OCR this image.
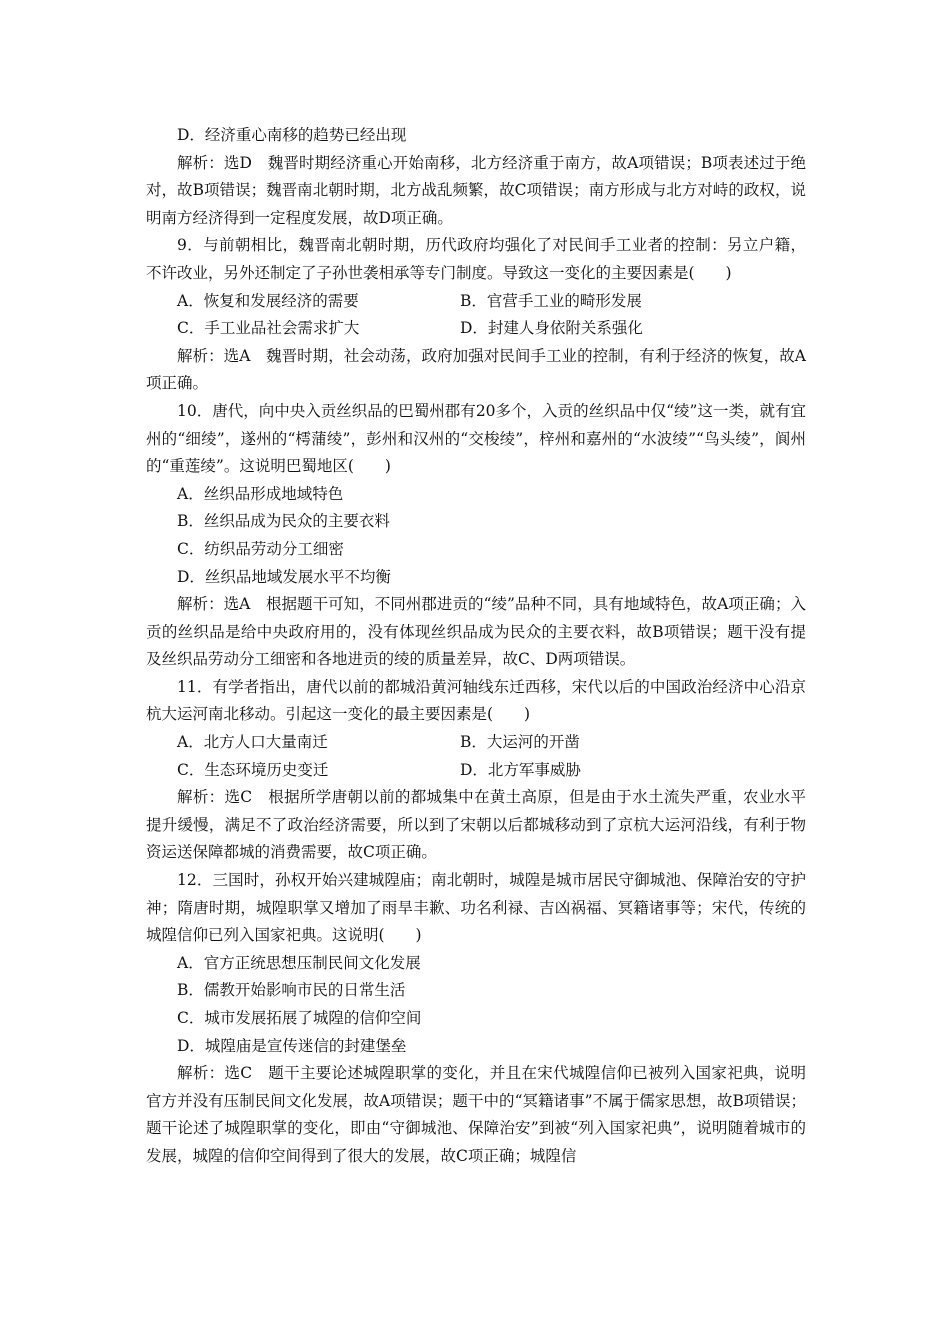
D．经济重心南移的趋势已经出现

解析：选D　魏晋时期经济重心开始南移，北方经济重于南方，故A项错误；B项表述过于绝对，故B项错误；魏晋南北朝时期，北方战乱频繁，故C项错误；南方形成与北方对峙的政权，说明南方经济得到一定程度发展，故D项正确。

9．与前朝相比，魏晋南北朝时期，历代政府均强化了对民间手工业者的控制：另立户籍，不许改业，另外还制定了子孙世袭相承等专门制度。导致这一变化的主要因素是(　　)

A．恢复和发展经济的需要	B．官营手工业的畸形发展
C．手工业品社会需求扩大	D．封建人身依附关系强化

解析：选A　魏晋时期，社会动荡，政府加强对民间手工业的控制，有利于经济的恢复，故A项正确。

10．唐代，向中央入贡丝织品的巴蜀州郡有20多个，入贡的丝织品中仅“绫”这一类，就有宜州的“细绫”，遂州的“樗蒲绫”，彭州和汉州的“交梭绫”，梓州和嘉州的“水波绫”“鸟头绫”，阆州的“重莲绫”。这说明巴蜀地区(　　)

A．丝织品形成地域特色
B．丝织品成为民众的主要衣料
C．纺织品劳动分工细密
D．丝织品地域发展水平不均衡

解析：选A　根据题干可知，不同州郡进贡的“绫”品种不同，具有地域特色，故A项正确；入贡的丝织品是给中央政府用的，没有体现丝织品成为民众的主要衣料，故B项错误；题干没有提及丝织品劳动分工细密和各地进贡的绫的质量差异，故C、D两项错误。

11．有学者指出，唐代以前的都城沿黄河轴线东迁西移，宋代以后的中国政治经济中心沿京杭大运河南北移动。引起这一变化的最主要因素是(　　)

A．北方人口大量南迁	B．大运河的开凿
C．生态环境历史变迁	D．北方军事威胁

解析：选C　根据所学唐朝以前的都城集中在黄土高原，但是由于水土流失严重，农业水平提升缓慢，满足不了政治经济需要，所以到了宋朝以后都城移动到了京杭大运河沿线，有利于物资运送保障都城的消费需要，故C项正确。

12．三国时，孙权开始兴建城隍庙；南北朝时，城隍是城市居民守御城池、保障治安的守护神；隋唐时期，城隍职掌又增加了雨旱丰歉、功名利禄、吉凶祸福、冥籍诸事等；宋代，传统的城隍信仰已列入国家祀典。这说明(　　)

A．官方正统思想压制民间文化发展
B．儒教开始影响市民的日常生活
C．城市发展拓展了城隍的信仰空间
D．城隍庙是宣传迷信的封建堡垒

解析：选C　题干主要论述城隍职掌的变化，并且在宋代城隍信仰已被列入国家祀典，说明官方并没有压制民间文化发展，故A项错误；题干中的“冥籍诸事”不属于儒家思想，故B项错误；题干论述了城隍职掌的变化，即由“守御城池、保障治安”到被“列入国家祀典”，说明随着城市的发展，城隍的信仰空间得到了很大的发展，故C项正确；城隍信
